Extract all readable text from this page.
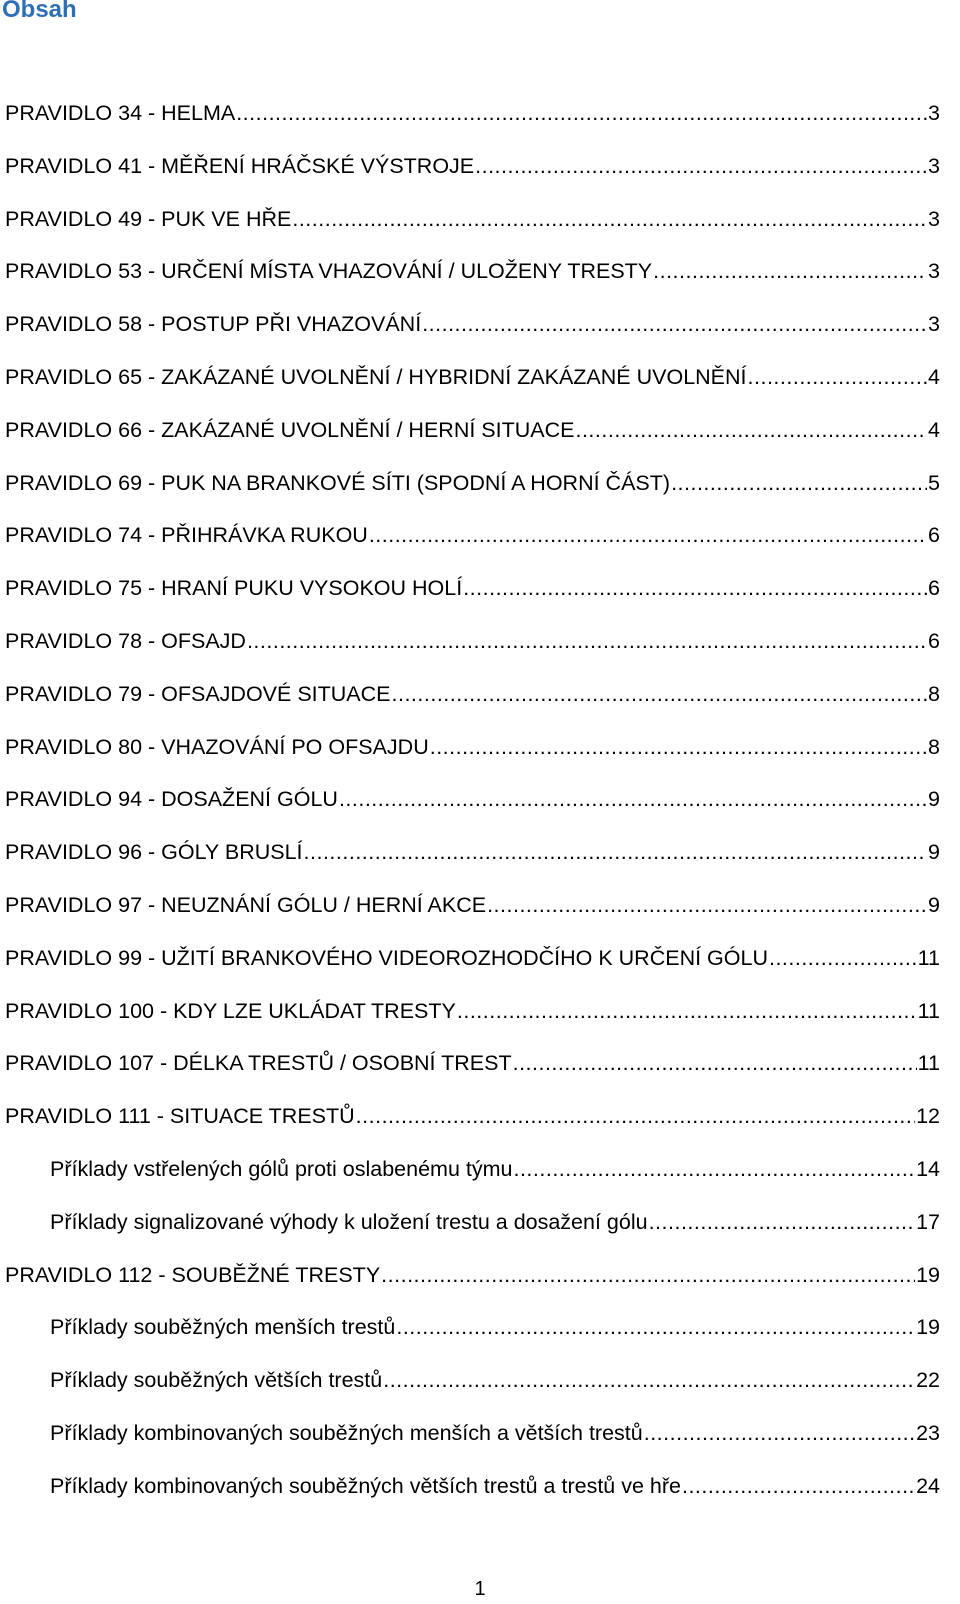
Obsah
PRAVIDLO 34 - HELMA .....	3
PRAVIDLO 41 - MĚŘENÍ HRÁČSKÉ VÝSTROJE .....	3
PRAVIDLO 49 - PUK VE HŘE .....	3
PRAVIDLO 53 - URČENÍ MÍSTA VHAZOVÁNÍ / ULOŽENY TRESTY .....	3
PRAVIDLO 58 - POSTUP PŘI VHAZOVÁNÍ .....	3
PRAVIDLO 65 - ZAKÁZANÉ UVOLNĚNÍ / HYBRIDNÍ ZAKÁZANÉ UVOLNĚNÍ .....	4
PRAVIDLO 66 - ZAKÁZANÉ UVOLNĚNÍ / HERNÍ SITUACE .....	4
PRAVIDLO 69 - PUK NA BRANKOVÉ SÍTI (SPODNÍ A HORNÍ ČÁST) .....	5
PRAVIDLO 74 - PŘIHRÁVKA RUKOU .....	6
PRAVIDLO 75 - HRANÍ PUKU VYSOKOU HOLÍ .....	6
PRAVIDLO 78 - OFSAJD .....	6
PRAVIDLO 79 - OFSAJDOVÉ SITUACE .....	8
PRAVIDLO 80 - VHAZOVÁNÍ PO OFSAJDU .....	8
PRAVIDLO 94 - DOSAŽENÍ GÓLU .....	9
PRAVIDLO 96 - GÓLY BRUSLÍ .....	9
PRAVIDLO 97 - NEUZNÁNÍ GÓLU / HERNÍ AKCE .....	9
PRAVIDLO 99 - UŽITÍ BRANKOVÉHO VIDEOROZHODČÍHO K URČENÍ GÓLU .....	11
PRAVIDLO 100 - KDY LZE UKLÁDAT TRESTY .....	11
PRAVIDLO 107 - DÉLKA TRESTŮ / OSOBNÍ TREST .....	11
PRAVIDLO 111 - SITUACE TRESTŮ .....	12
Příklady vstřelených gólů proti oslabenému týmu .....	14
Příklady signalizované výhody k uložení trestu a dosažení gólu .....	17
PRAVIDLO 112 - SOUBĚŽNÉ TRESTY .....	19
Příklady souběžných menších trestů .....	19
Příklady souběžných větších trestů .....	22
Příklady kombinovaných souběžných menších a větších trestů .....	23
Příklady kombinovaných souběžných větších trestů a trestů ve hře .....	24
1
